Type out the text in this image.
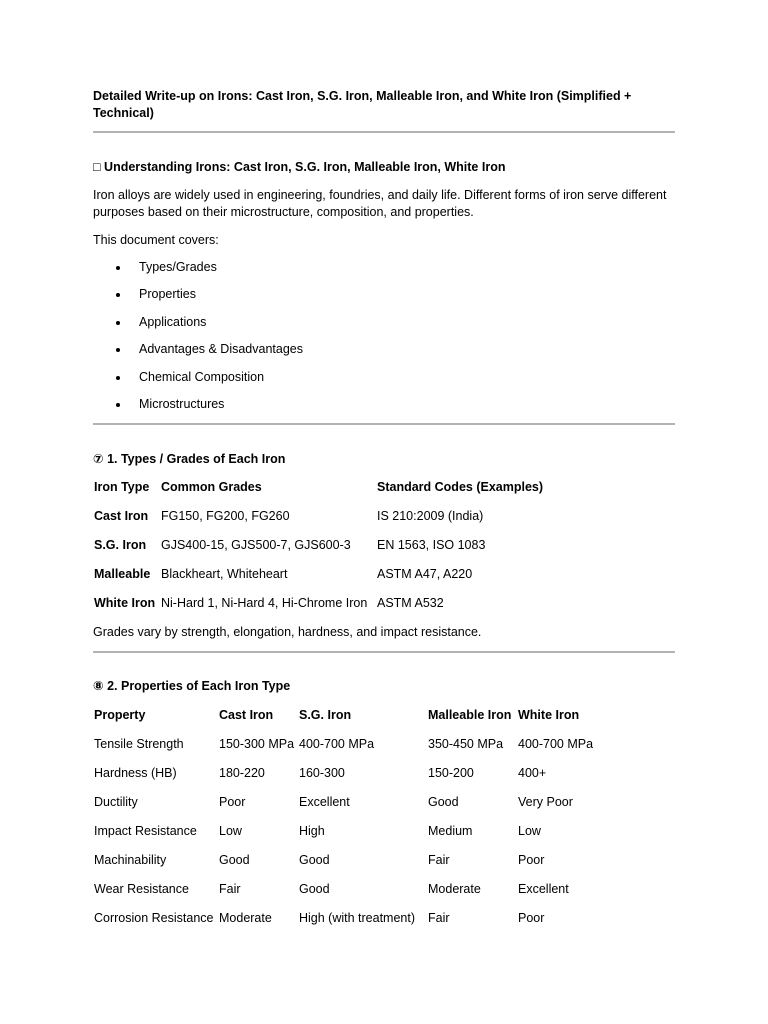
Detailed Write-up on Irons: Cast Iron, S.G. Iron, Malleable Iron, and White Iron (Simplified + Technical)
□ Understanding Irons: Cast Iron, S.G. Iron, Malleable Iron, White Iron
Iron alloys are widely used in engineering, foundries, and daily life. Different forms of iron serve different purposes based on their microstructure, composition, and properties.
This document covers:
Types/Grades
Properties
Applications
Advantages & Disadvantages
Chemical Composition
Microstructures
⑦ 1. Types / Grades of Each Iron
Iron Type	Common Grades	Standard Codes (Examples)
Cast Iron	FG150, FG200, FG260	IS 210:2009 (India)
S.G. Iron	GJS400-15, GJS500-7, GJS600-3	EN 1563, ISO 1083
Malleable	Blackheart, Whiteheart	ASTM A47, A220
White Iron	Ni-Hard 1, Ni-Hard 4, Hi-Chrome Iron	ASTM A532
Grades vary by strength, elongation, hardness, and impact resistance.
⑧ 2. Properties of Each Iron Type
Property	Cast Iron	S.G. Iron	Malleable Iron	White Iron
Tensile Strength	150-300 MPa	400-700 MPa	350-450 MPa	400-700 MPa
Hardness (HB)	180-220	160-300	150-200	400+
Ductility	Poor	Excellent	Good	Very Poor
Impact Resistance	Low	High	Medium	Low
Machinability	Good	Good	Fair	Poor
Wear Resistance	Fair	Good	Moderate	Excellent
Corrosion Resistance	Moderate	High (with treatment)	Fair	Poor
